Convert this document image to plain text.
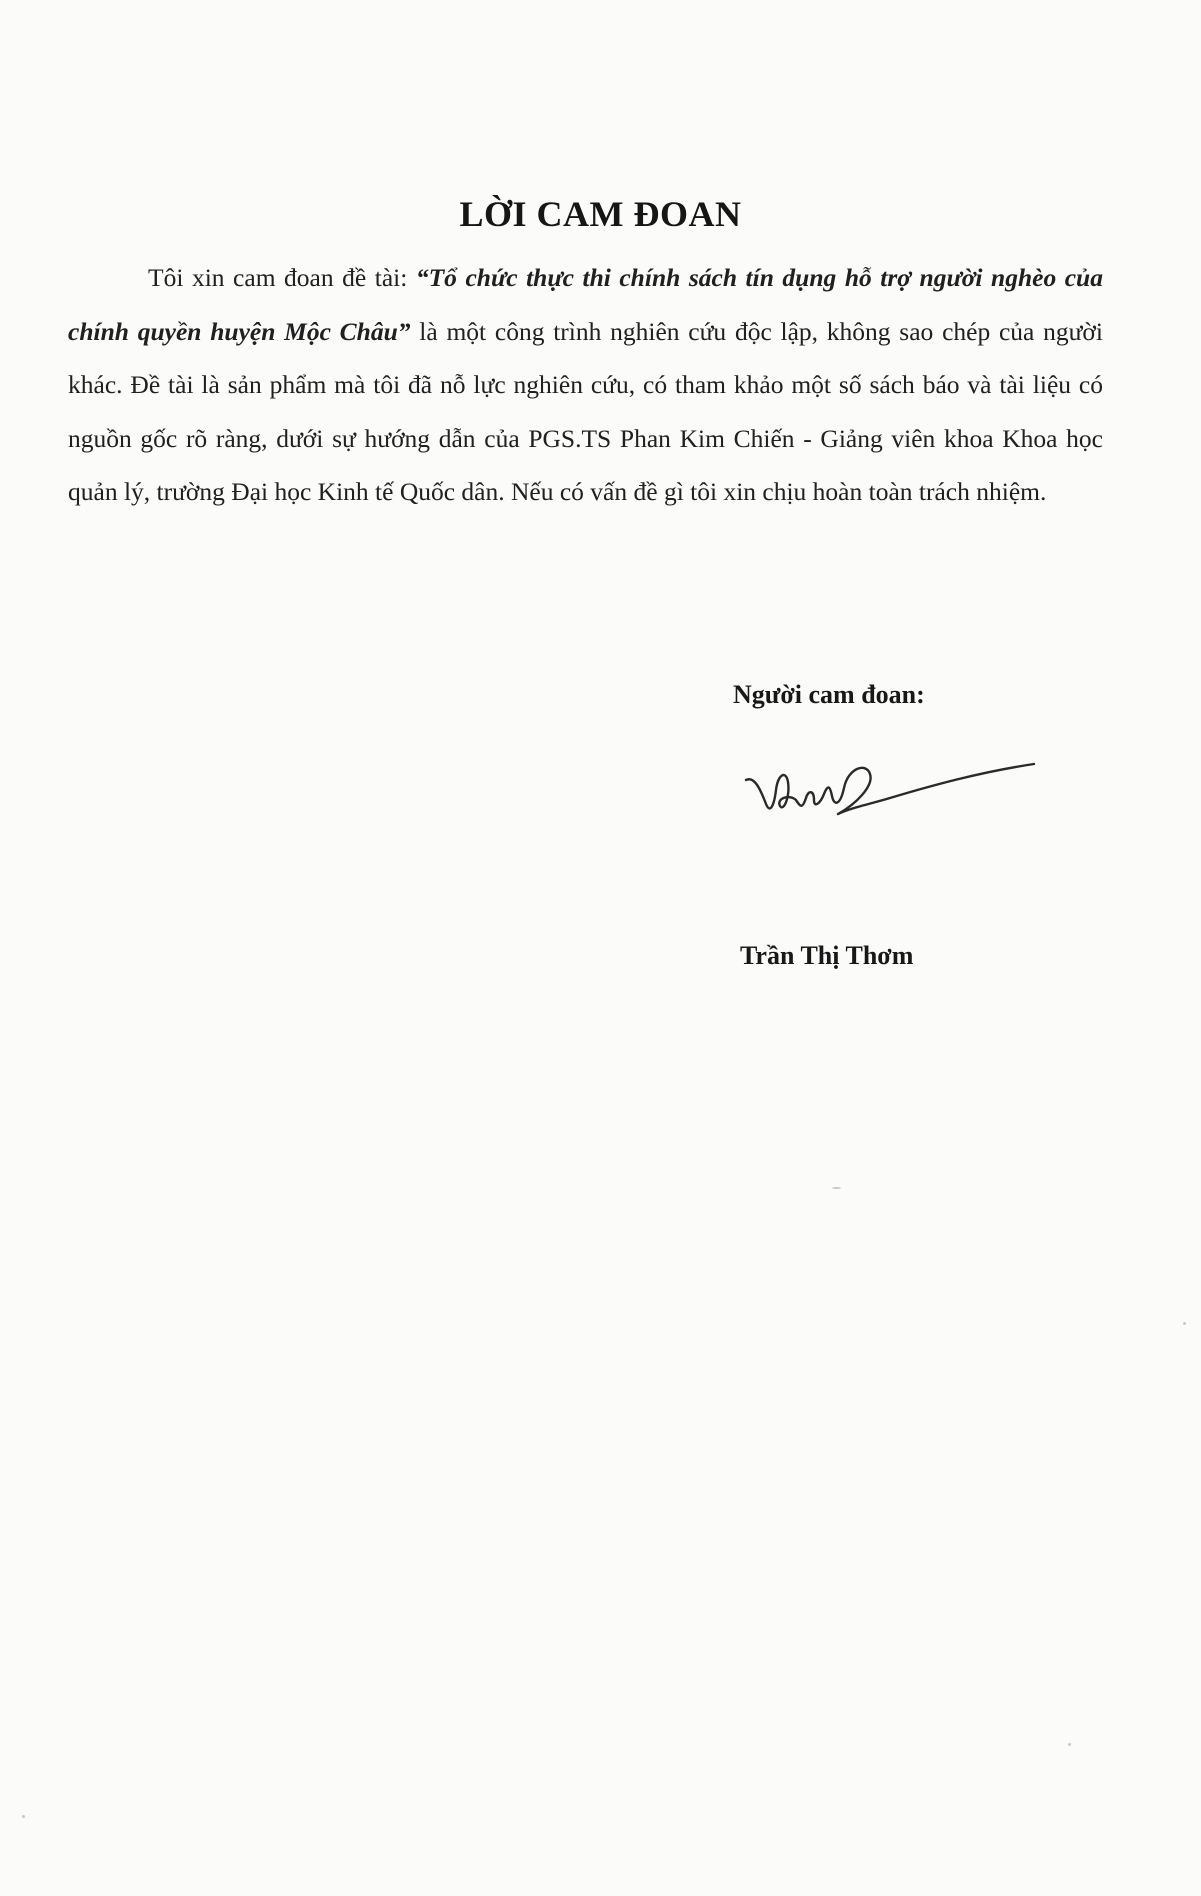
LỜI CAM ĐOAN
Tôi xin cam đoan đề tài: “Tổ chức thực thi chính sách tín dụng hỗ trợ người nghèo của chính quyền huyện Mộc Châu” là một công trình nghiên cứu độc lập, không sao chép của người khác. Đề tài là sản phẩm mà tôi đã nỗ lực nghiên cứu, có tham khảo một số sách báo và tài liệu có nguồn gốc rõ ràng, dưới sự hướng dẫn của PGS.TS Phan Kim Chiến - Giảng viên khoa Khoa học quản lý, trường Đại học Kinh tế Quốc dân. Nếu có vấn đề gì tôi xin chịu hoàn toàn trách nhiệm.
Người cam đoan:
Trần Thị Thơm
